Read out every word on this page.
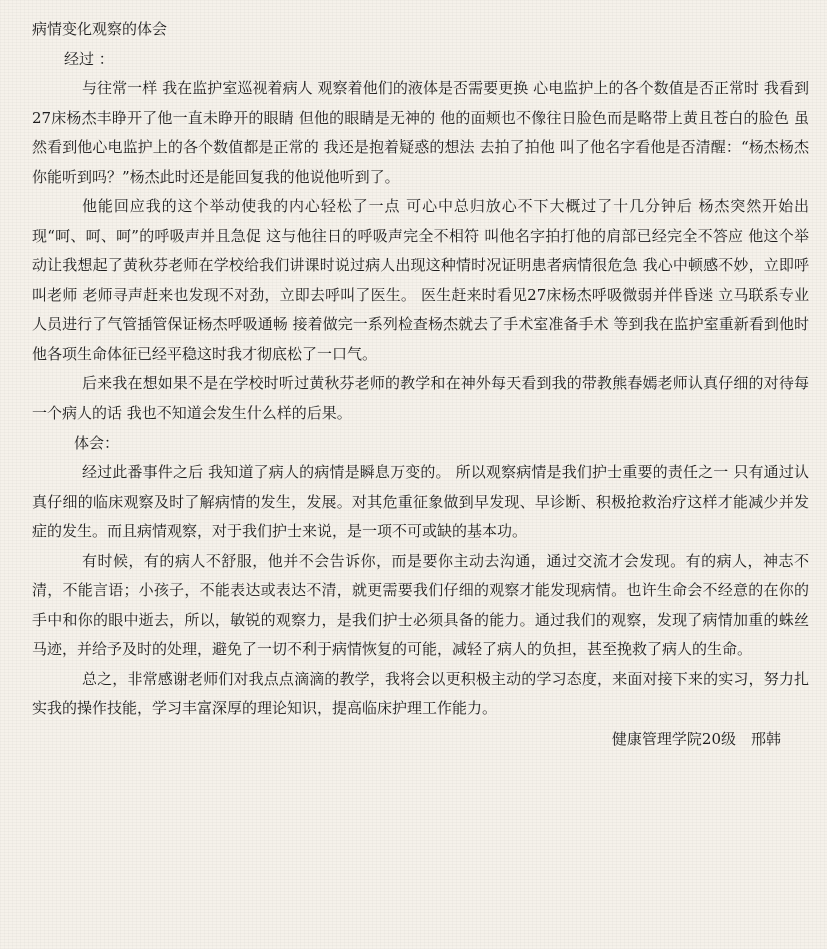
病情变化观察的体会

经过 ：

与往常一样 我在监护室巡视着病人 观察着他们的液体是否需要更换 心电监护上的各个数值是否正常时 我看到27床杨杰丰睁开了他一直未睁开的眼睛 但他的眼睛是无神的 他的面颊也不像往日脸色而是略带上黄且苍白的脸色 虽然看到他心电监护上的各个数值都是正常的 我还是抱着疑惑的想法 去拍了拍他 叫了他名字看他是否清醒：“杨杰杨杰你能听到吗？”杨杰此时还是能回复我的他说他听到了。

他能回应我的这个举动使我的内心轻松了一点 可心中总归放心不下大概过了十几分钟后 杨杰突然开始出现“呵、呵、呵”的呼吸声并且急促 这与他往日的呼吸声完全不相符 叫他名字拍打他的肩部已经完全不答应 他这个举动让我想起了黄秋芬老师在学校给我们讲课时说过病人出现这种情时况证明患者病情很危急 我心中顿感不妙，立即呼叫老师 老师寻声赶来也发现不对劲，立即去呼叫了医生。 医生赶来时看见27床杨杰呼吸微弱并伴昏迷 立马联系专业人员进行了气管插管保证杨杰呼吸通畅 接着做完一系列检查杨杰就去了手术室准备手术 等到我在监护室重新看到他时 他各项生命体征已经平稳这时我才彻底松了一口气。

后来我在想如果不是在学校时听过黄秋芬老师的教学和在神外每天看到我的带教熊春嫣老师认真仔细的对待每一个病人的话 我也不知道会发生什么样的后果。

体会：

经过此番事件之后 我知道了病人的病情是瞬息万变的。 所以观察病情是我们护士重要的责任之一 只有通过认真仔细的临床观察及时了解病情的发生，发展。对其危重征象做到早发现、早诊断、积极抢救治疗这样才能减少并发症的发生。而且病情观察，对于我们护士来说，是一项不可或缺的基本功。

有时候，有的病人不舒服，他并不会告诉你，而是要你主动去沟通，通过交流才会发现。有的病人，神志不清，不能言语；小孩子，不能表达或表达不清，就更需要我们仔细的观察才能发现病情。也许生命会不经意的在你的手中和你的眼中逝去，所以，敏锐的观察力，是我们护士必须具备的能力。通过我们的观察，发现了病情加重的蛛丝马迹，并给予及时的处理，避免了一切不利于病情恢复的可能，减轻了病人的负担，甚至挽救了病人的生命。

总之，非常感谢老师们对我点点滴滴的教学，我将会以更积极主动的学习态度，来面对接下来的实习，努力扎实我的操作技能，学习丰富深厚的理论知识，提高临床护理工作能力。

健康管理学院20级　邢韩
